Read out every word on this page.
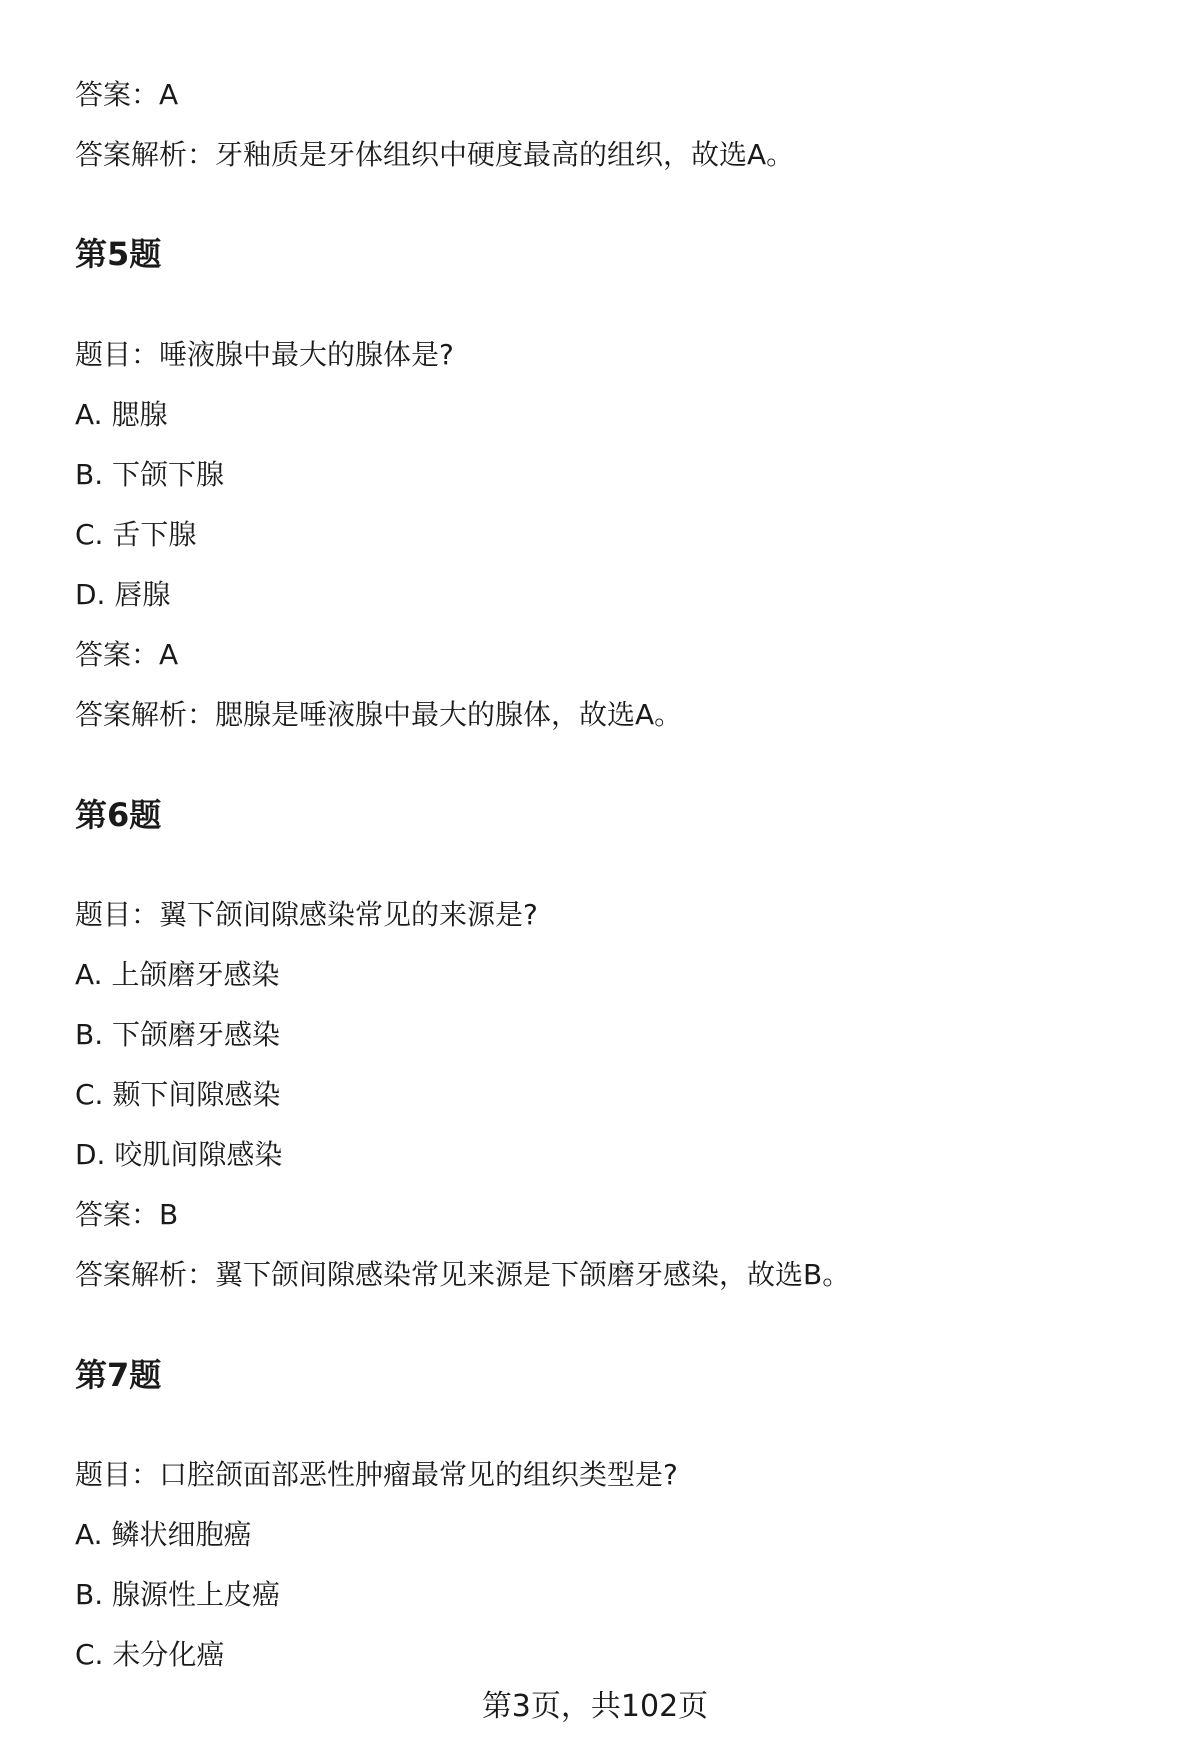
答案：A
答案解析：牙釉质是牙体组织中硬度最高的组织，故选A。
第5题
题目：唾液腺中最大的腺体是?
A. 腮腺
B. 下颌下腺
C. 舌下腺
D. 唇腺
答案：A
答案解析：腮腺是唾液腺中最大的腺体，故选A。
第6题
题目：翼下颌间隙感染常见的来源是?
A. 上颌磨牙感染
B. 下颌磨牙感染
C. 颞下间隙感染
D. 咬肌间隙感染
答案：B
答案解析：翼下颌间隙感染常见来源是下颌磨牙感染，故选B。
第7题
题目：口腔颌面部恶性肿瘤最常见的组织类型是?
A. 鳞状细胞癌
B. 腺源性上皮癌
C. 未分化癌
第3页，共102页
